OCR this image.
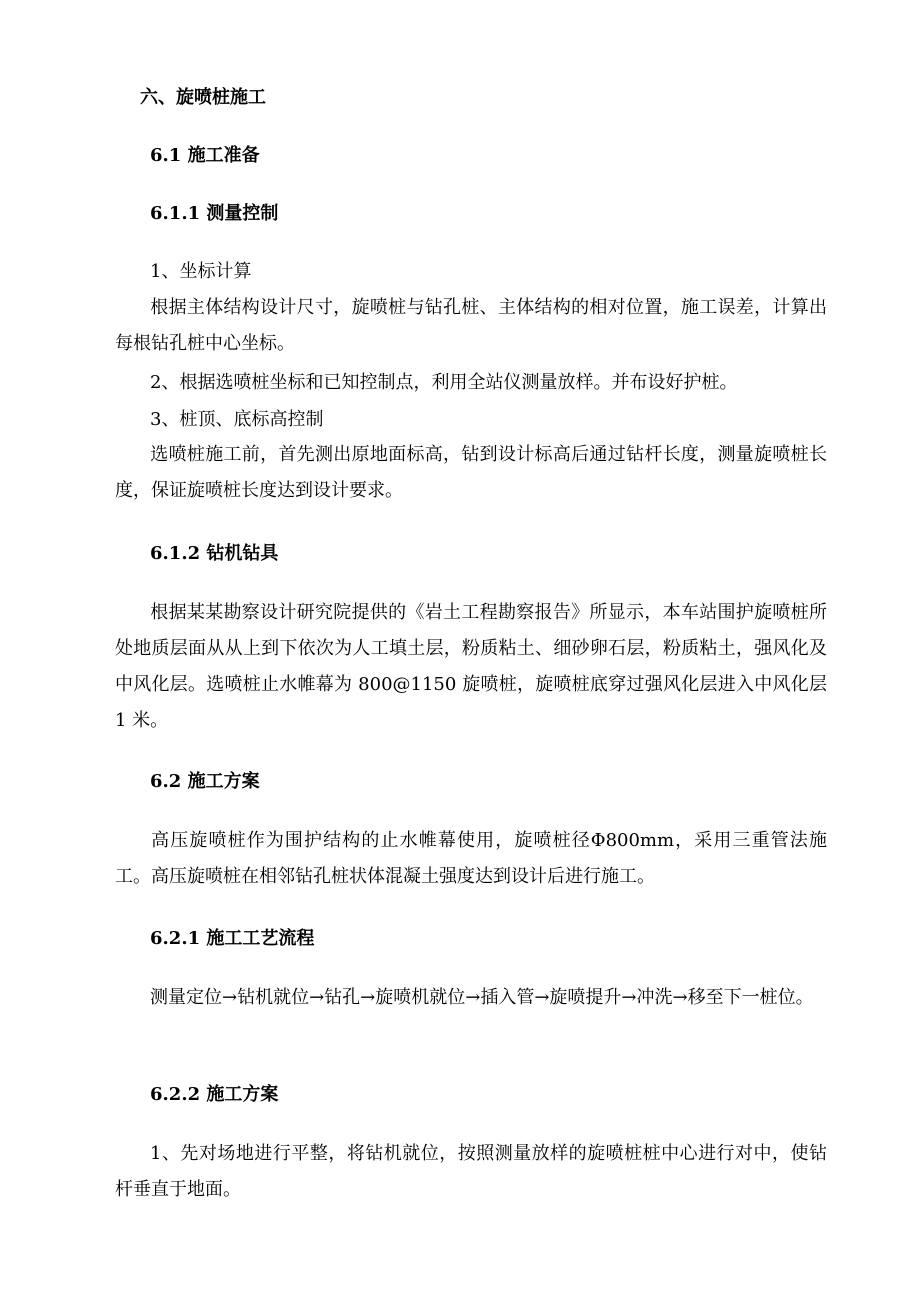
六、旋喷桩施工
6.1 施工准备
6.1.1 测量控制
1、坐标计算
根据主体结构设计尺寸，旋喷桩与钻孔桩、主体结构的相对位置，施工误差，计算出每根钻孔桩中心坐标。
2、根据选喷桩坐标和已知控制点，利用全站仪测量放样。并布设好护桩。
3、桩顶、底标高控制
选喷桩施工前，首先测出原地面标高，钻到设计标高后通过钻杆长度，测量旋喷桩长度，保证旋喷桩长度达到设计要求。
6.1.2 钻机钻具
根据某某勘察设计研究院提供的《岩土工程勘察报告》所显示，本车站围护旋喷桩所处地质层面从从上到下依次为人工填土层，粉质粘土、细砂卵石层，粉质粘土，强风化及中风化层。选喷桩止水帷幕为 800@1150 旋喷桩，旋喷桩底穿过强风化层进入中风化层 1 米。
6.2 施工方案
高压旋喷桩作为围护结构的止水帷幕使用，旋喷桩径Φ800mm，采用三重管法施工。高压旋喷桩在相邻钻孔桩状体混凝土强度达到设计后进行施工。
6.2.1 施工工艺流程
测量定位→钻机就位→钻孔→旋喷机就位→插入管→旋喷提升→冲洗→移至下一桩位。
6.2.2 施工方案
1、先对场地进行平整，将钻机就位，按照测量放样的旋喷桩桩中心进行对中，使钻杆垂直于地面。
